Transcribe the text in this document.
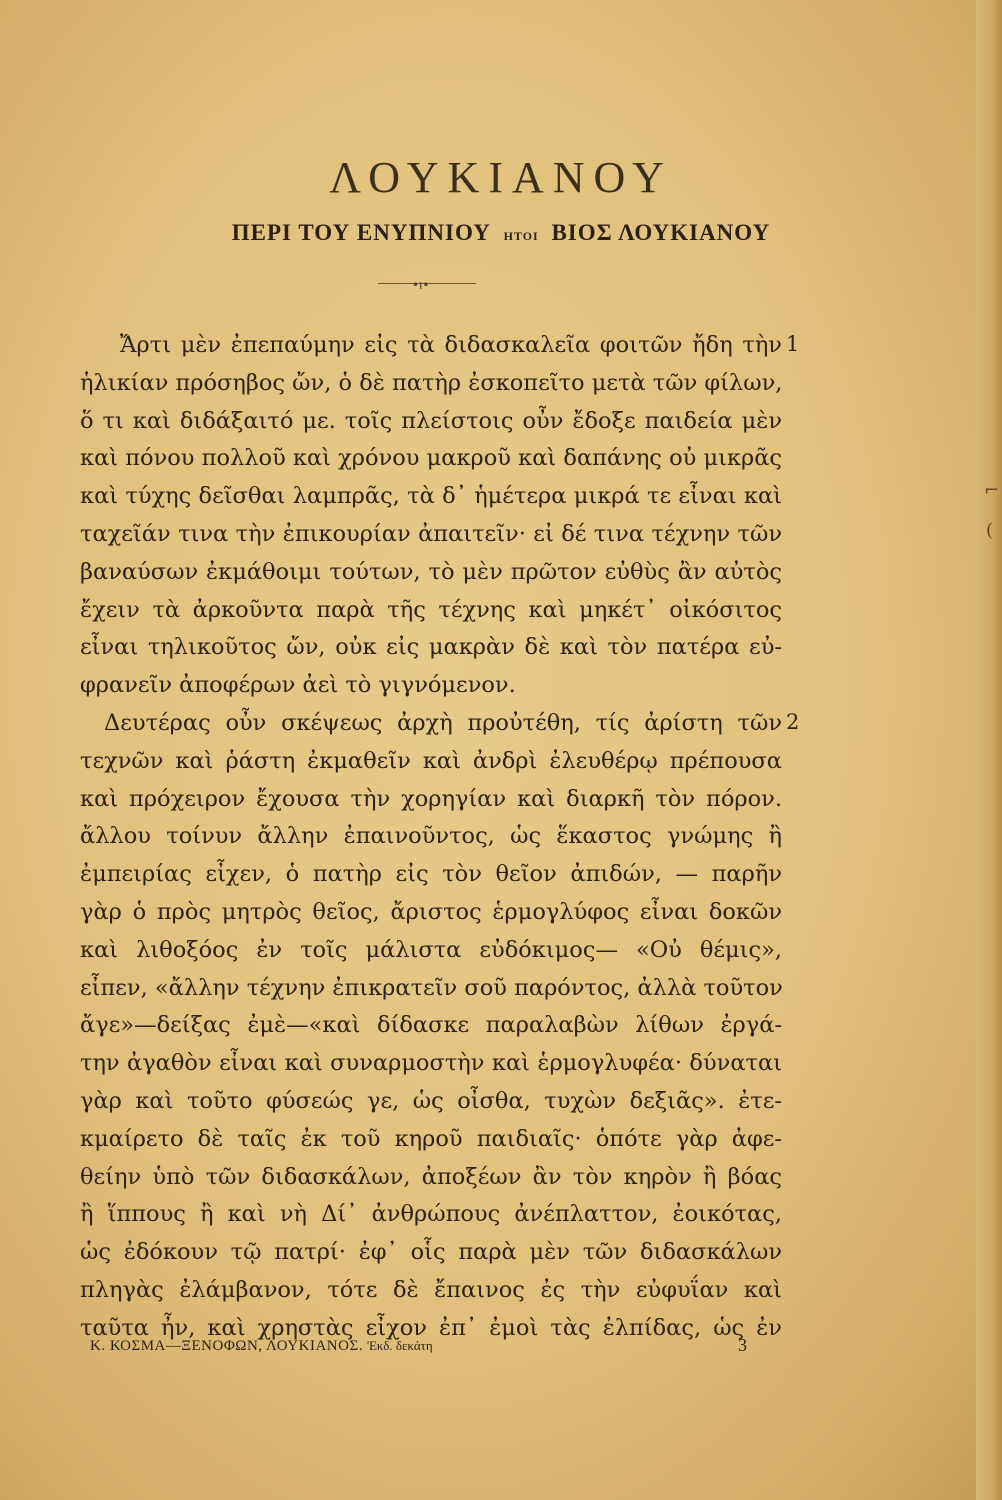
ΛΟΥΚΙΑΝΟΥ
ΠΕΡΙ ΤΟΥ ΕΝΥΠΝΙΟΥ ΗΤΟΙ ΒΙΟΣ ΛΟΥΚΙΑΝΟΥ
•ı•
Ἄρτι μὲν ἐπεπαύμην εἰς τὰ διδασκαλεῖα φοιτῶν ἤδη τὴν
ἡλικίαν πρόσηβος ὤν, ὁ δὲ πατὴρ ἐσκοπεῖτο μετὰ τῶν φίλων,
ὅ τι καὶ διδάξαιτό με. τοῖς πλείστοις οὖν ἔδοξε παιδεία μὲν
καὶ πόνου πολλοῦ καὶ χρόνου μακροῦ καὶ δαπάνης οὐ μικρᾶς
καὶ τύχης δεῖσθαι λαμπρᾶς, τὰ δ᾽ ἡμέτερα μικρά τε εἶναι καὶ
ταχεῖάν τινα τὴν ἐπικουρίαν ἀπαιτεῖν· εἰ δέ τινα τέχνην τῶν
βαναύσων ἐκμάθοιμι τούτων, τὸ μὲν πρῶτον εὐθὺς ἂν αὐτὸς
ἔχειν τὰ ἀρκοῦντα παρὰ τῆς τέχνης καὶ μηκέτ᾽ οἰκόσιτος
εἶναι τηλικοῦτος ὤν, οὐκ εἰς μακρὰν δὲ καὶ τὸν πατέρα εὐ-
φρανεῖν ἀποφέρων ἀεὶ τὸ γιγνόμενον.
Δευτέρας οὖν σκέψεως ἀρχὴ προὐτέθη, τίς ἀρίστη τῶν
τεχνῶν καὶ ῥάστη ἐκμαθεῖν καὶ ἀνδρὶ ἐλευθέρῳ πρέπουσα
καὶ πρόχειρον ἔχουσα τὴν χορηγίαν καὶ διαρκῆ τὸν πόρον.
ἄλλου τοίνυν ἄλλην ἐπαινοῦντος, ὡς ἕκαστος γνώμης ἢ
ἐμπειρίας εἶχεν, ὁ πατὴρ εἰς τὸν θεῖον ἀπιδών, — παρῆν
γὰρ ὁ πρὸς μητρὸς θεῖος, ἄριστος ἑρμογλύφος εἶναι δοκῶν
καὶ λιθοξόος ἐν τοῖς μάλιστα εὐδόκιμος— «Οὐ θέμις»,
εἶπεν, «ἄλλην τέχνην ἐπικρατεῖν σοῦ παρόντος, ἀλλὰ τοῦτον
ἄγε»—δείξας ἐμὲ—«καὶ δίδασκε παραλαβὼν λίθων ἐργά-
την ἀγαθὸν εἶναι καὶ συναρμοστὴν καὶ ἑρμογλυφέα· δύναται
γὰρ καὶ τοῦτο φύσεώς γε, ὡς οἶσθα, τυχὼν δεξιᾶς». ἐτε-
κμαίρετο δὲ ταῖς ἐκ τοῦ κηροῦ παιδιαῖς· ὁπότε γὰρ ἀφε-
θείην ὑπὸ τῶν διδασκάλων, ἀποξέων ἂν τὸν κηρὸν ἢ βόας
ἢ ἵππους ἢ καὶ νὴ Δί᾽ ἀνθρώπους ἀνέπλαττον, ἐοικότας,
ὡς ἐδόκουν τῷ πατρί· ἐφ᾽ οἷς παρὰ μὲν τῶν διδασκάλων
πληγὰς ἐλάμβανον, τότε δὲ ἔπαινος ἐς τὴν εὐφυΐαν καὶ
ταῦτα ἦν, καὶ χρηστὰς εἶχον ἐπ᾽ ἐμοὶ τὰς ἐλπίδας, ὡς ἐν
1
2
Κ. ΚΟΣΜΑ—ΞΕΝΟΦΩΝ, ΛΟΥΚΙΑΝΟΣ. Ἐκδ. δεκάτη	3
⌐
(
